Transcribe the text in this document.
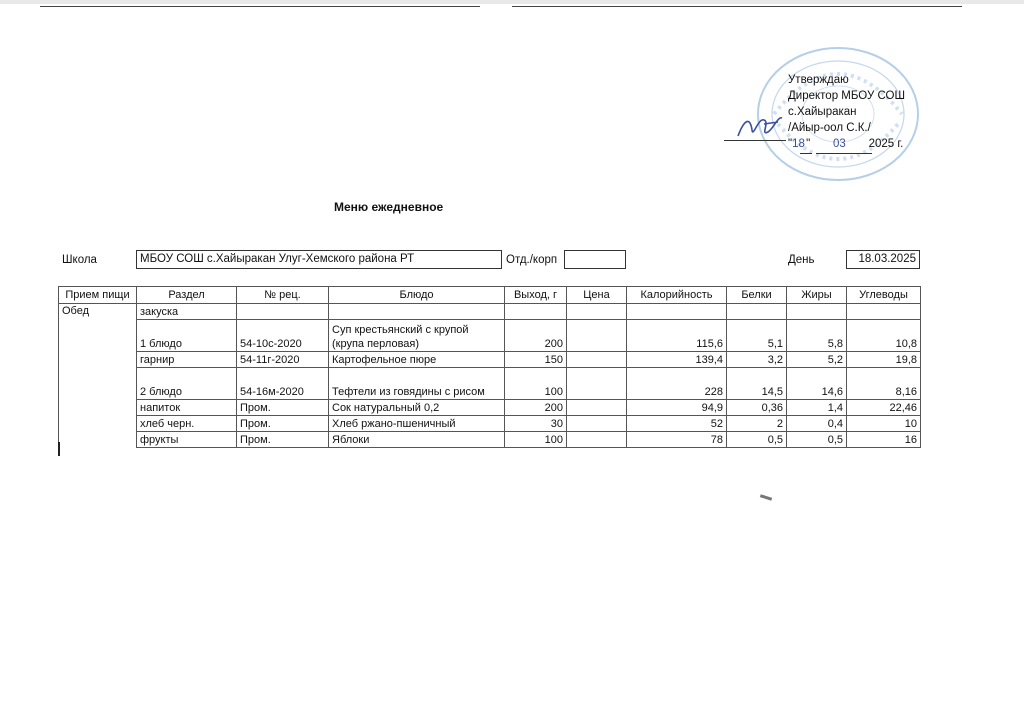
Утверждаю
Директор МБОУ СОШ
с.Хайыракан
/Айыр-оол С.К./
"18" 03 2025 г.
Меню ежедневное
Школа	МБОУ СОШ с.Хайыракан Улуг-Хемского района РТ	Отд./корп	День	18.03.2025
Прием пищи	Раздел	№ рец.	Блюдо	Выход, г	Цена	Калорийность	Белки	Жиры	Углеводы
Обед	закуска								
	1 блюдо	54-10с-2020	Суп крестьянский с крупой (крупа перловая)	200		115,6	5,1	5,8	10,8
	гарнир	54-11г-2020	Картофельное пюре	150		139,4	3,2	5,2	19,8
	2 блюдо	54-16м-2020	Тефтели из говядины с рисом	100		228	14,5	14,6	8,16
	напиток	Пром.	Сок натуральный 0,2	200		94,9	0,36	1,4	22,46
	хлеб черн.	Пром.	Хлеб ржано-пшеничный	30		52	2	0,4	10
	фрукты	Пром.	Яблоки	100		78	0,5	0,5	16
